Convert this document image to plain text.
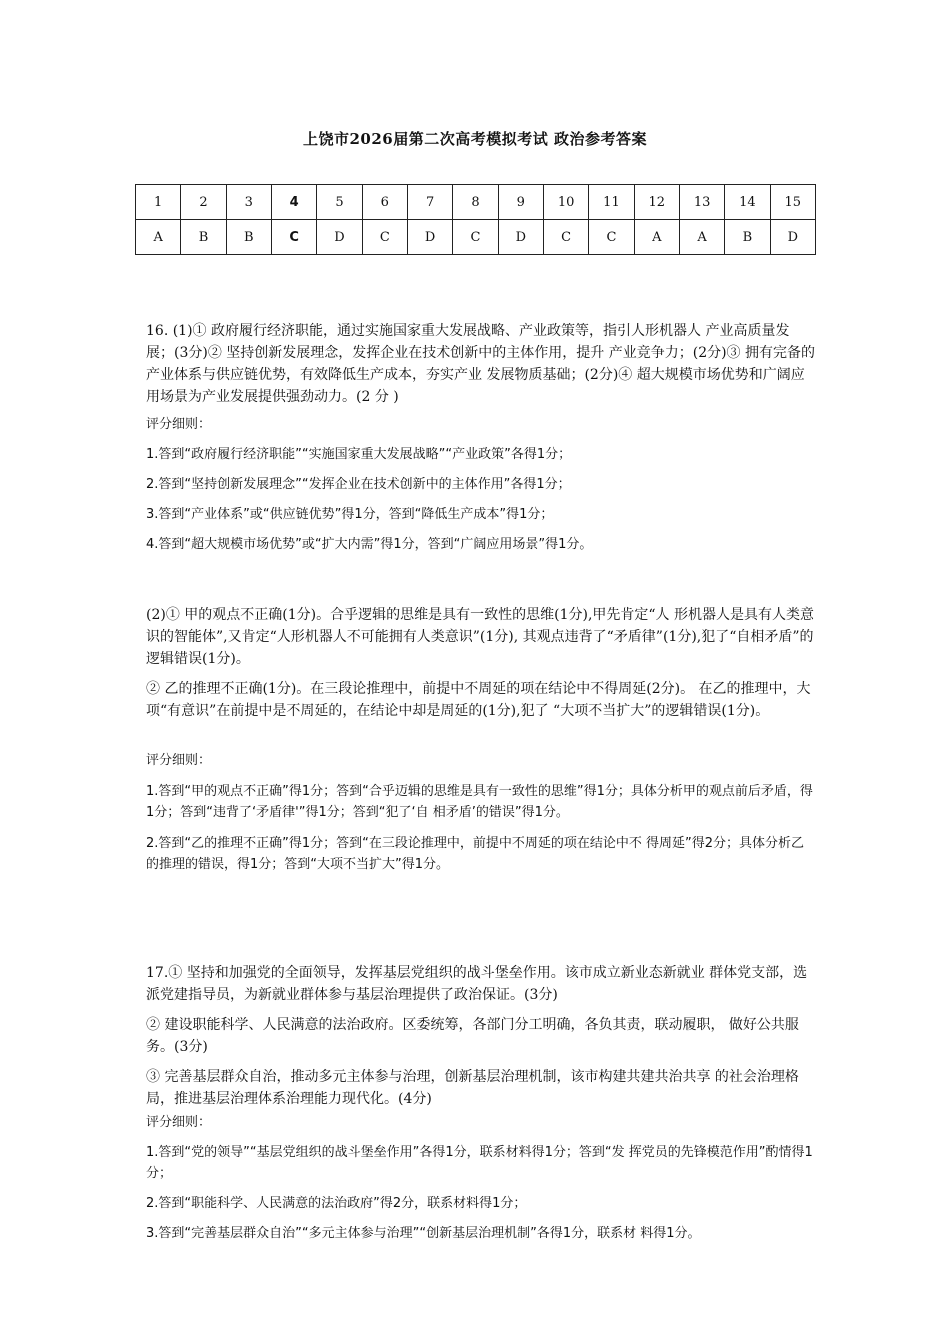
上饶市2026届第二次高考模拟考试 政治参考答案
1	2	3	4	5	6	7	8	9	10	11	12	13	14	15
A	B	B	C	D	C	D	C	D	C	C	A	A	B	D

16. (1)① 政府履行经济职能，通过实施国家重大发展战略、产业政策等，指引人形机器人 产业高质量发展；(3分)② 坚持创新发展理念，发挥企业在技术创新中的主体作用，提升 产业竞争力；(2分)③ 拥有完备的产业体系与供应链优势，有效降低生产成本，夯实产业 发展物质基础；(2分)④ 超大规模市场优势和广阔应用场景为产业发展提供强劲动力。(2 分 )

评分细则：

1.答到“政府履行经济职能”“实施国家重大发展战略”“产业政策”各得1分；

2.答到“坚持创新发展理念”“发挥企业在技术创新中的主体作用”各得1分；

3.答到“产业体系”或“供应链优势”得1分，答到“降低生产成本”得1分；

4.答到“超大规模市场优势”或“扩大内需”得1分，答到“广阔应用场景”得1分。

(2)① 甲的观点不正确(1分)。合乎逻辑的思维是具有一致性的思维(1分),甲先肯定“人 形机器人是具有人类意识的智能体”,又肯定“人形机器人不可能拥有人类意识”(1分), 其观点违背了“矛盾律”(1分),犯了“自相矛盾”的逻辑错误(1分)。

② 乙的推理不正确(1分)。在三段论推理中，前提中不周延的项在结论中不得周延(2分)。 在乙的推理中，大项“有意识”在前提中是不周延的，在结论中却是周延的(1分),犯了 “大项不当扩大”的逻辑错误(1分)。

评分细则：

1.答到“甲的观点不正确”得1分；答到“合乎迈辑的思维是具有一致性的思维”得1分；具体分析甲的观点前后矛盾，得1分；答到“违背了‘矛盾律'”得1分；答到“犯了‘自 相矛盾’的错误”得1分。

2.答到“乙的推理不正确”得1分；答到“在三段论推理中，前提中不周延的项在结论中不 得周延”得2分；具体分析乙的推理的错误，得1分；答到“大项不当扩大”得1分。

17.① 坚持和加强党的全面领导，发挥基层党组织的战斗堡垒作用。该市成立新业态新就业 群体党支部，选派党建指导员，为新就业群体参与基层治理提供了政治保证。(3分)

② 建设职能科学、人民满意的法治政府。区委统筹，各部门分工明确，各负其责，联动履职， 做好公共服务。(3分)

③ 完善基层群众自治，推动多元主体参与治理，创新基层治理机制，该市构建共建共治共享 的社会治理格局，推进基层治理体系治理能力现代化。(4分)

评分细则：

1.答到“党的领导”“基层党组织的战斗堡垒作用”各得1分，联系材料得1分；答到“发 挥党员的先锋模范作用”酌情得1分；

2.答到“职能科学、人民满意的法治政府”得2分，联系材料得1分；

3.答到“完善基层群众自治”“多元主体参与治理”“创新基层治理机制”各得1分，联系材 料得1分。
